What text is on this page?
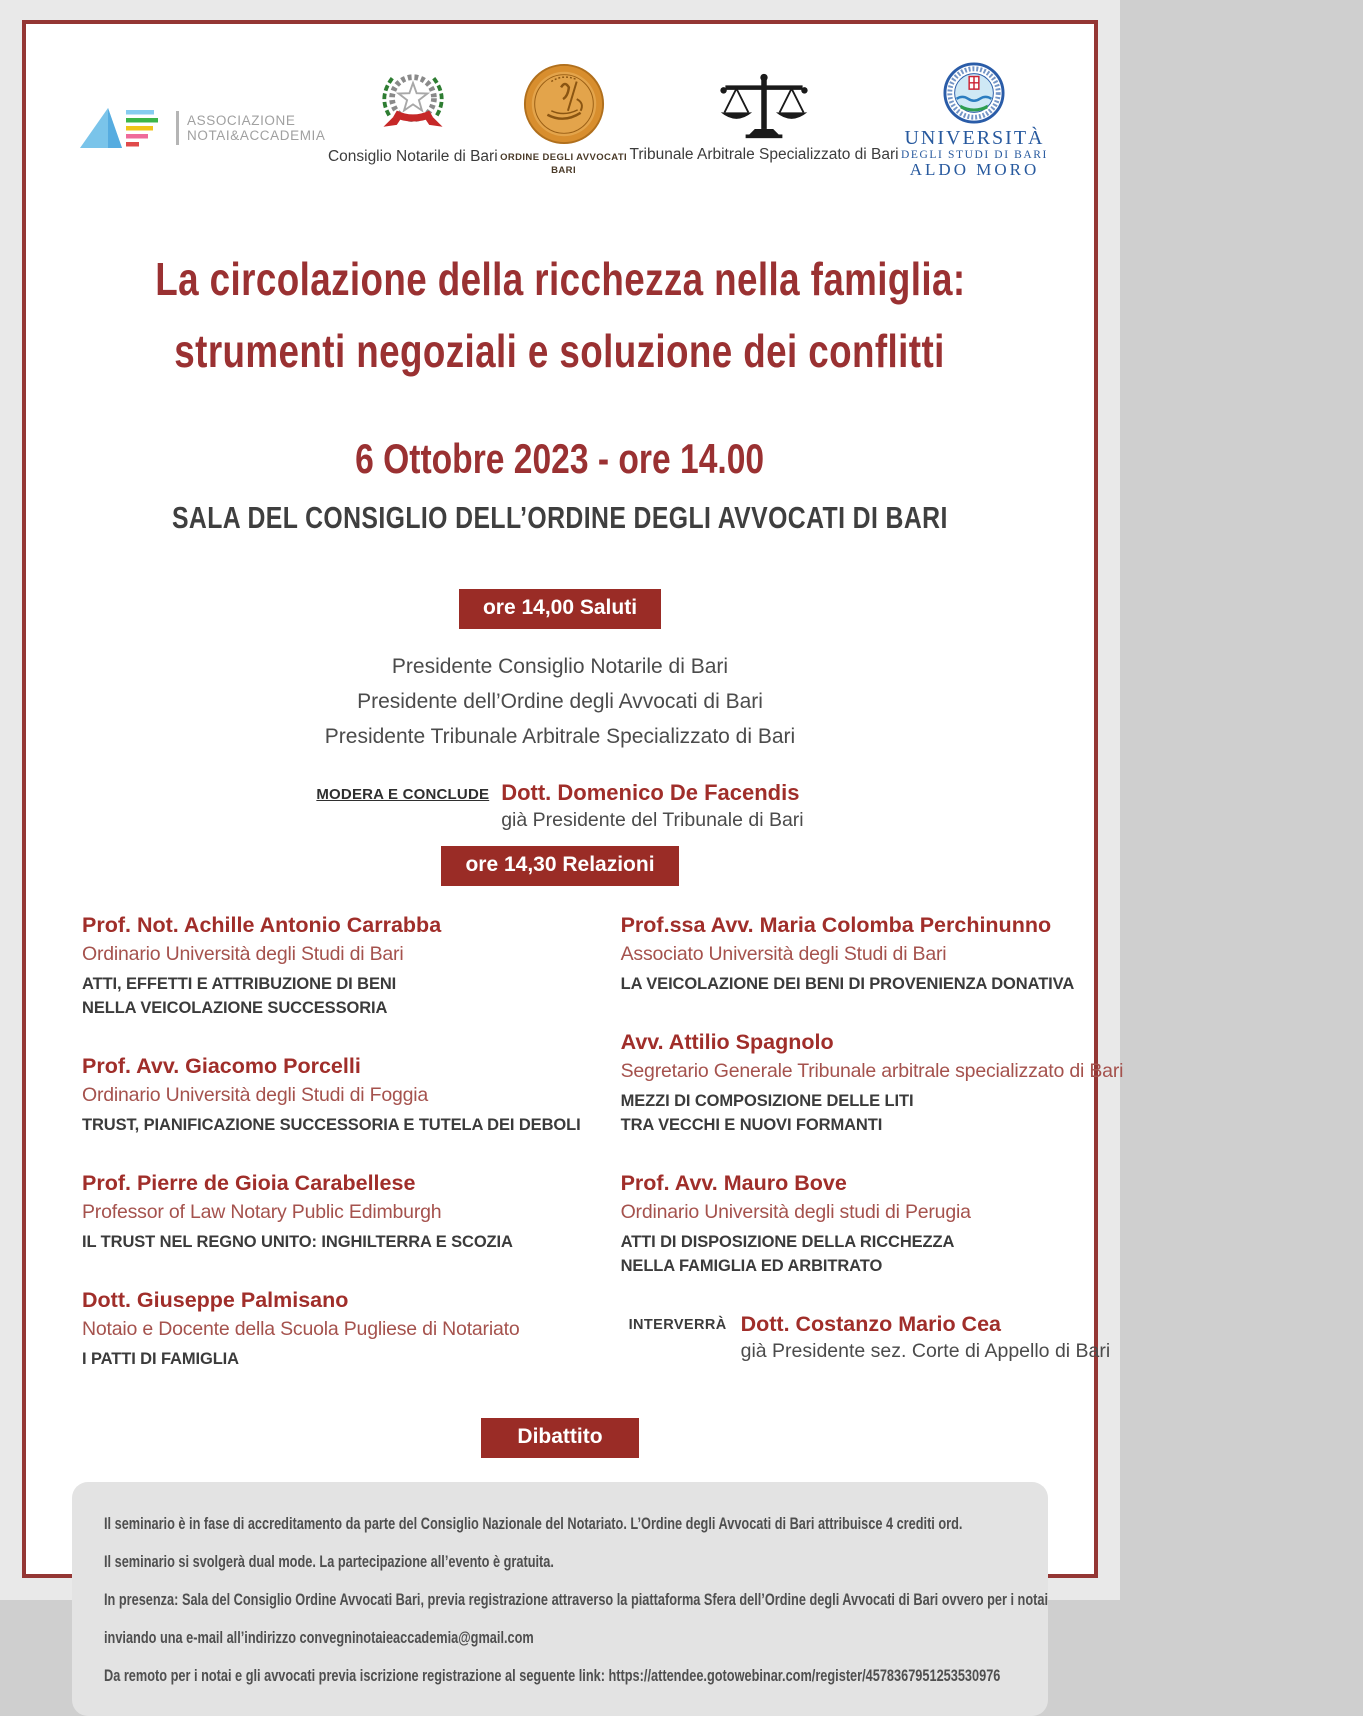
ASSOCIAZIONE
NOTAI&ACCADEMIA
Consiglio Notarile di Bari ORDINE DEGLI AVVOCATI
BARI
Tribunale Arbitrale Specializzato di Bari
UNIVERSITÀ
DEGLI STUDI DI BARI
ALDO MORO
La circolazione della ricchezza nella famiglia:
strumenti negoziali e soluzione dei conflitti
6 Ottobre 2023 - ore 14.00
SALA DEL CONSIGLIO DELL’ORDINE DEGLI AVVOCATI DI BARI
ore 14,00 Saluti
Presidente Consiglio Notarile di Bari
Presidente dell’Ordine degli Avvocati di Bari
Presidente Tribunale Arbitrale Specializzato di Bari
MODERA E CONCLUDE Dott. Domenico De Facendis
già Presidente del Tribunale di Bari
ore 14,30 Relazioni
Prof. Not. Achille Antonio Carrabba
Ordinario Università degli Studi di Bari
ATTI, EFFETTI E ATTRIBUZIONE DI BENI
NELLA VEICOLAZIONE SUCCESSORIA
Prof. Avv. Giacomo Porcelli
Ordinario Università degli Studi di Foggia
TRUST, PIANIFICAZIONE SUCCESSORIA E TUTELA DEI DEBOLI
Prof. Pierre de Gioia Carabellese
Professor of Law Notary Public Edimburgh
IL TRUST NEL REGNO UNITO: INGHILTERRA E SCOZIA
Dott. Giuseppe Palmisano
Notaio e Docente della Scuola Pugliese di Notariato
I PATTI DI FAMIGLIA
Prof.ssa Avv. Maria Colomba Perchinunno
Associato Università degli Studi di Bari
LA VEICOLAZIONE DEI BENI DI PROVENIENZA DONATIVA
Avv. Attilio Spagnolo
Segretario Generale Tribunale arbitrale specializzato di Bari
MEZZI DI COMPOSIZIONE DELLE LITI
TRA VECCHI E NUOVI FORMANTI
Prof. Avv. Mauro Bove
Ordinario Università degli studi di Perugia
ATTI DI DISPOSIZIONE DELLA RICCHEZZA
NELLA FAMIGLIA ED ARBITRATO
INTERVERRÀ Dott. Costanzo Mario Cea
già Presidente sez. Corte di Appello di Bari
Dibattito
Il seminario è in fase di accreditamento da parte del Consiglio Nazionale del Notariato. L’Ordine degli Avvocati di Bari attribuisce 4 crediti ord.
Il seminario si svolgerà dual mode. La partecipazione all’evento è gratuita.
In presenza: Sala del Consiglio Ordine Avvocati Bari, previa registrazione attraverso la piattaforma Sfera dell’Ordine degli Avvocati di Bari ovvero per i notai
inviando una e-mail all’indirizzo convegninotaieaccademia@gmail.com
Da remoto per i notai e gli avvocati previa iscrizione registrazione al seguente link: https://attendee.gotowebinar.com/register/4578367951253530976
